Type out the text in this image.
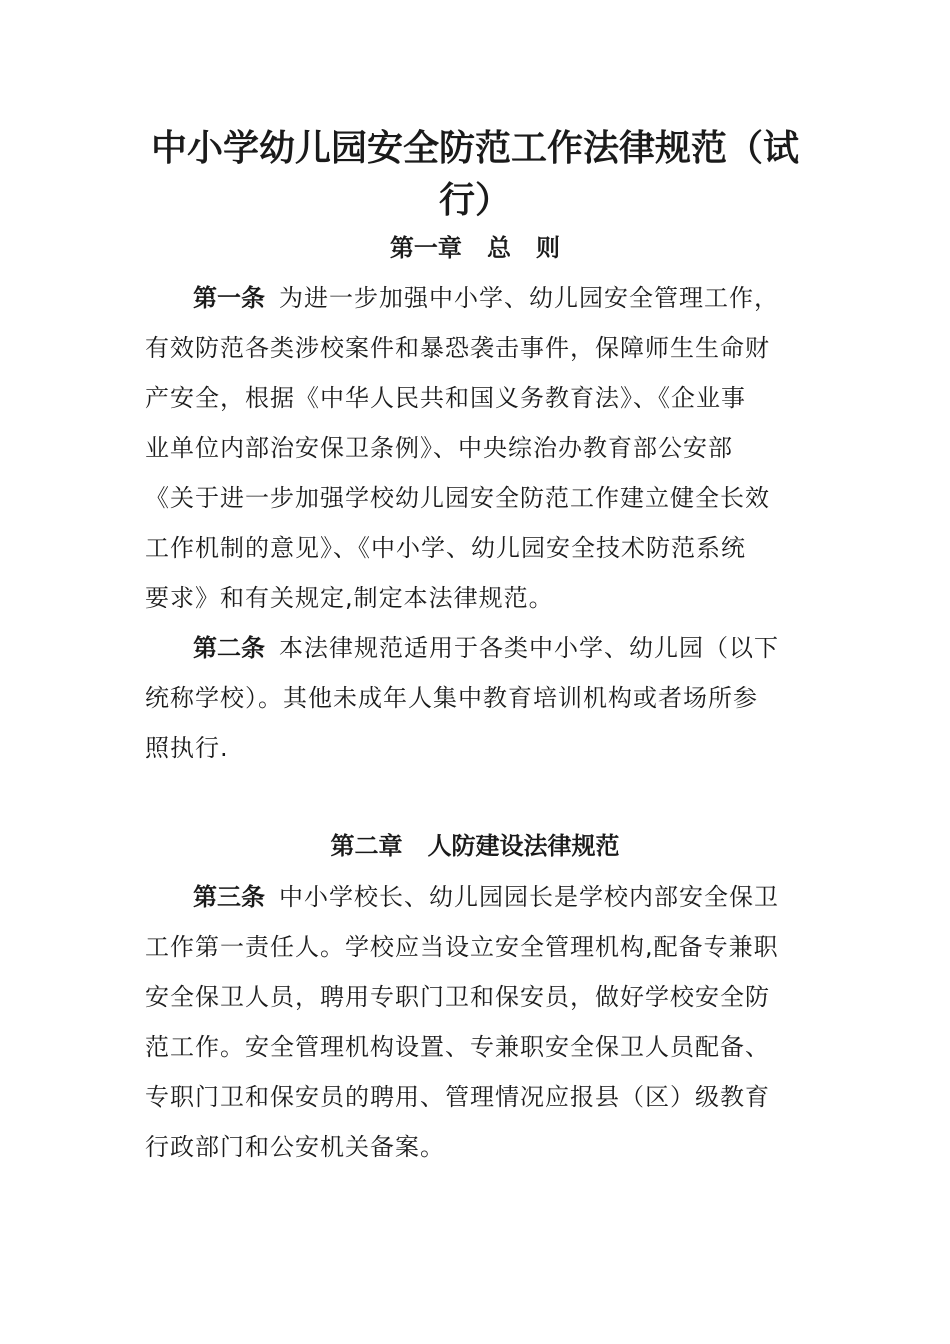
中小学幼儿园安全防范工作法律规范（试
行）
第一章   总   则
第一条 为进一步加强中小学、幼儿园安全管理工作，
有效防范各类涉校案件和暴恐袭击事件，保障师生生命财
产安全，根据《中华人民共和国义务教育法》、《企业事
业单位内部治安保卫条例》、中央综治办教育部公安部
《关于进一步加强学校幼儿园安全防范工作建立健全长效
工作机制的意见》、《中小学、幼儿园安全技术防范系统
要求》和有关规定,制定本法律规范。
第二条 本法律规范适用于各类中小学、幼儿园（以下
统称学校）。其他未成年人集中教育培训机构或者场所参
照执行.
第二章   人防建设法律规范
第三条 中小学校长、幼儿园园长是学校内部安全保卫
工作第一责任人。学校应当设立安全管理机构,配备专兼职
安全保卫人员，聘用专职门卫和保安员，做好学校安全防
范工作。安全管理机构设置、专兼职安全保卫人员配备、
专职门卫和保安员的聘用、管理情况应报县（区）级教育
行政部门和公安机关备案。
